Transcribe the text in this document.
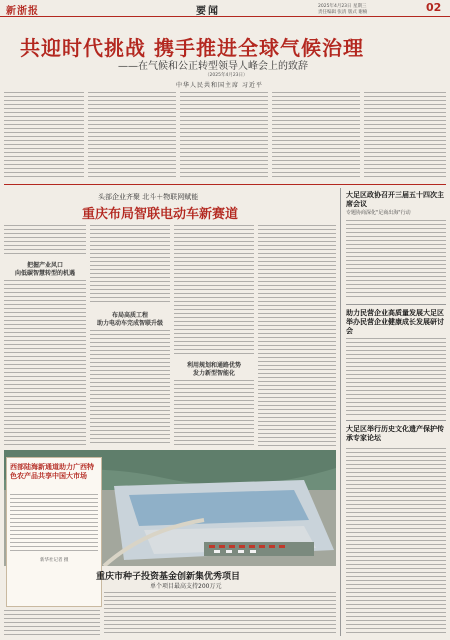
新浙报	要闻	2025年4月23日 星期三
责任编辑 张清 版式 谢楠	02
共迎时代挑战 携手推进全球气候治理
——在气候和公正转型领导人峰会上的致辞
（2025年4月23日）
中华人民共和国主席 习近平
头部企业齐聚 北斗＋物联网赋能
重庆布局智联电动车新赛道
把握产业风口
向低碳智慧转型的机遇
布局高质工程
助力电动车完成智联升级
利用规划和通路优势
发力新型智能化
西部陆海新通道助力广西特色农产品共享中国大市场
新华社记者 摄
重庆市种子投资基金创新集优秀项目
单个项目最高支持200万元
大足区政协召开三届五十四次主席会议
专题协商深化"足商出海"行动
助力民营企业高质量发展大足区举办民营企业健康成长发展研讨会
大足区举行历史文化遗产保护传承专家论坛
